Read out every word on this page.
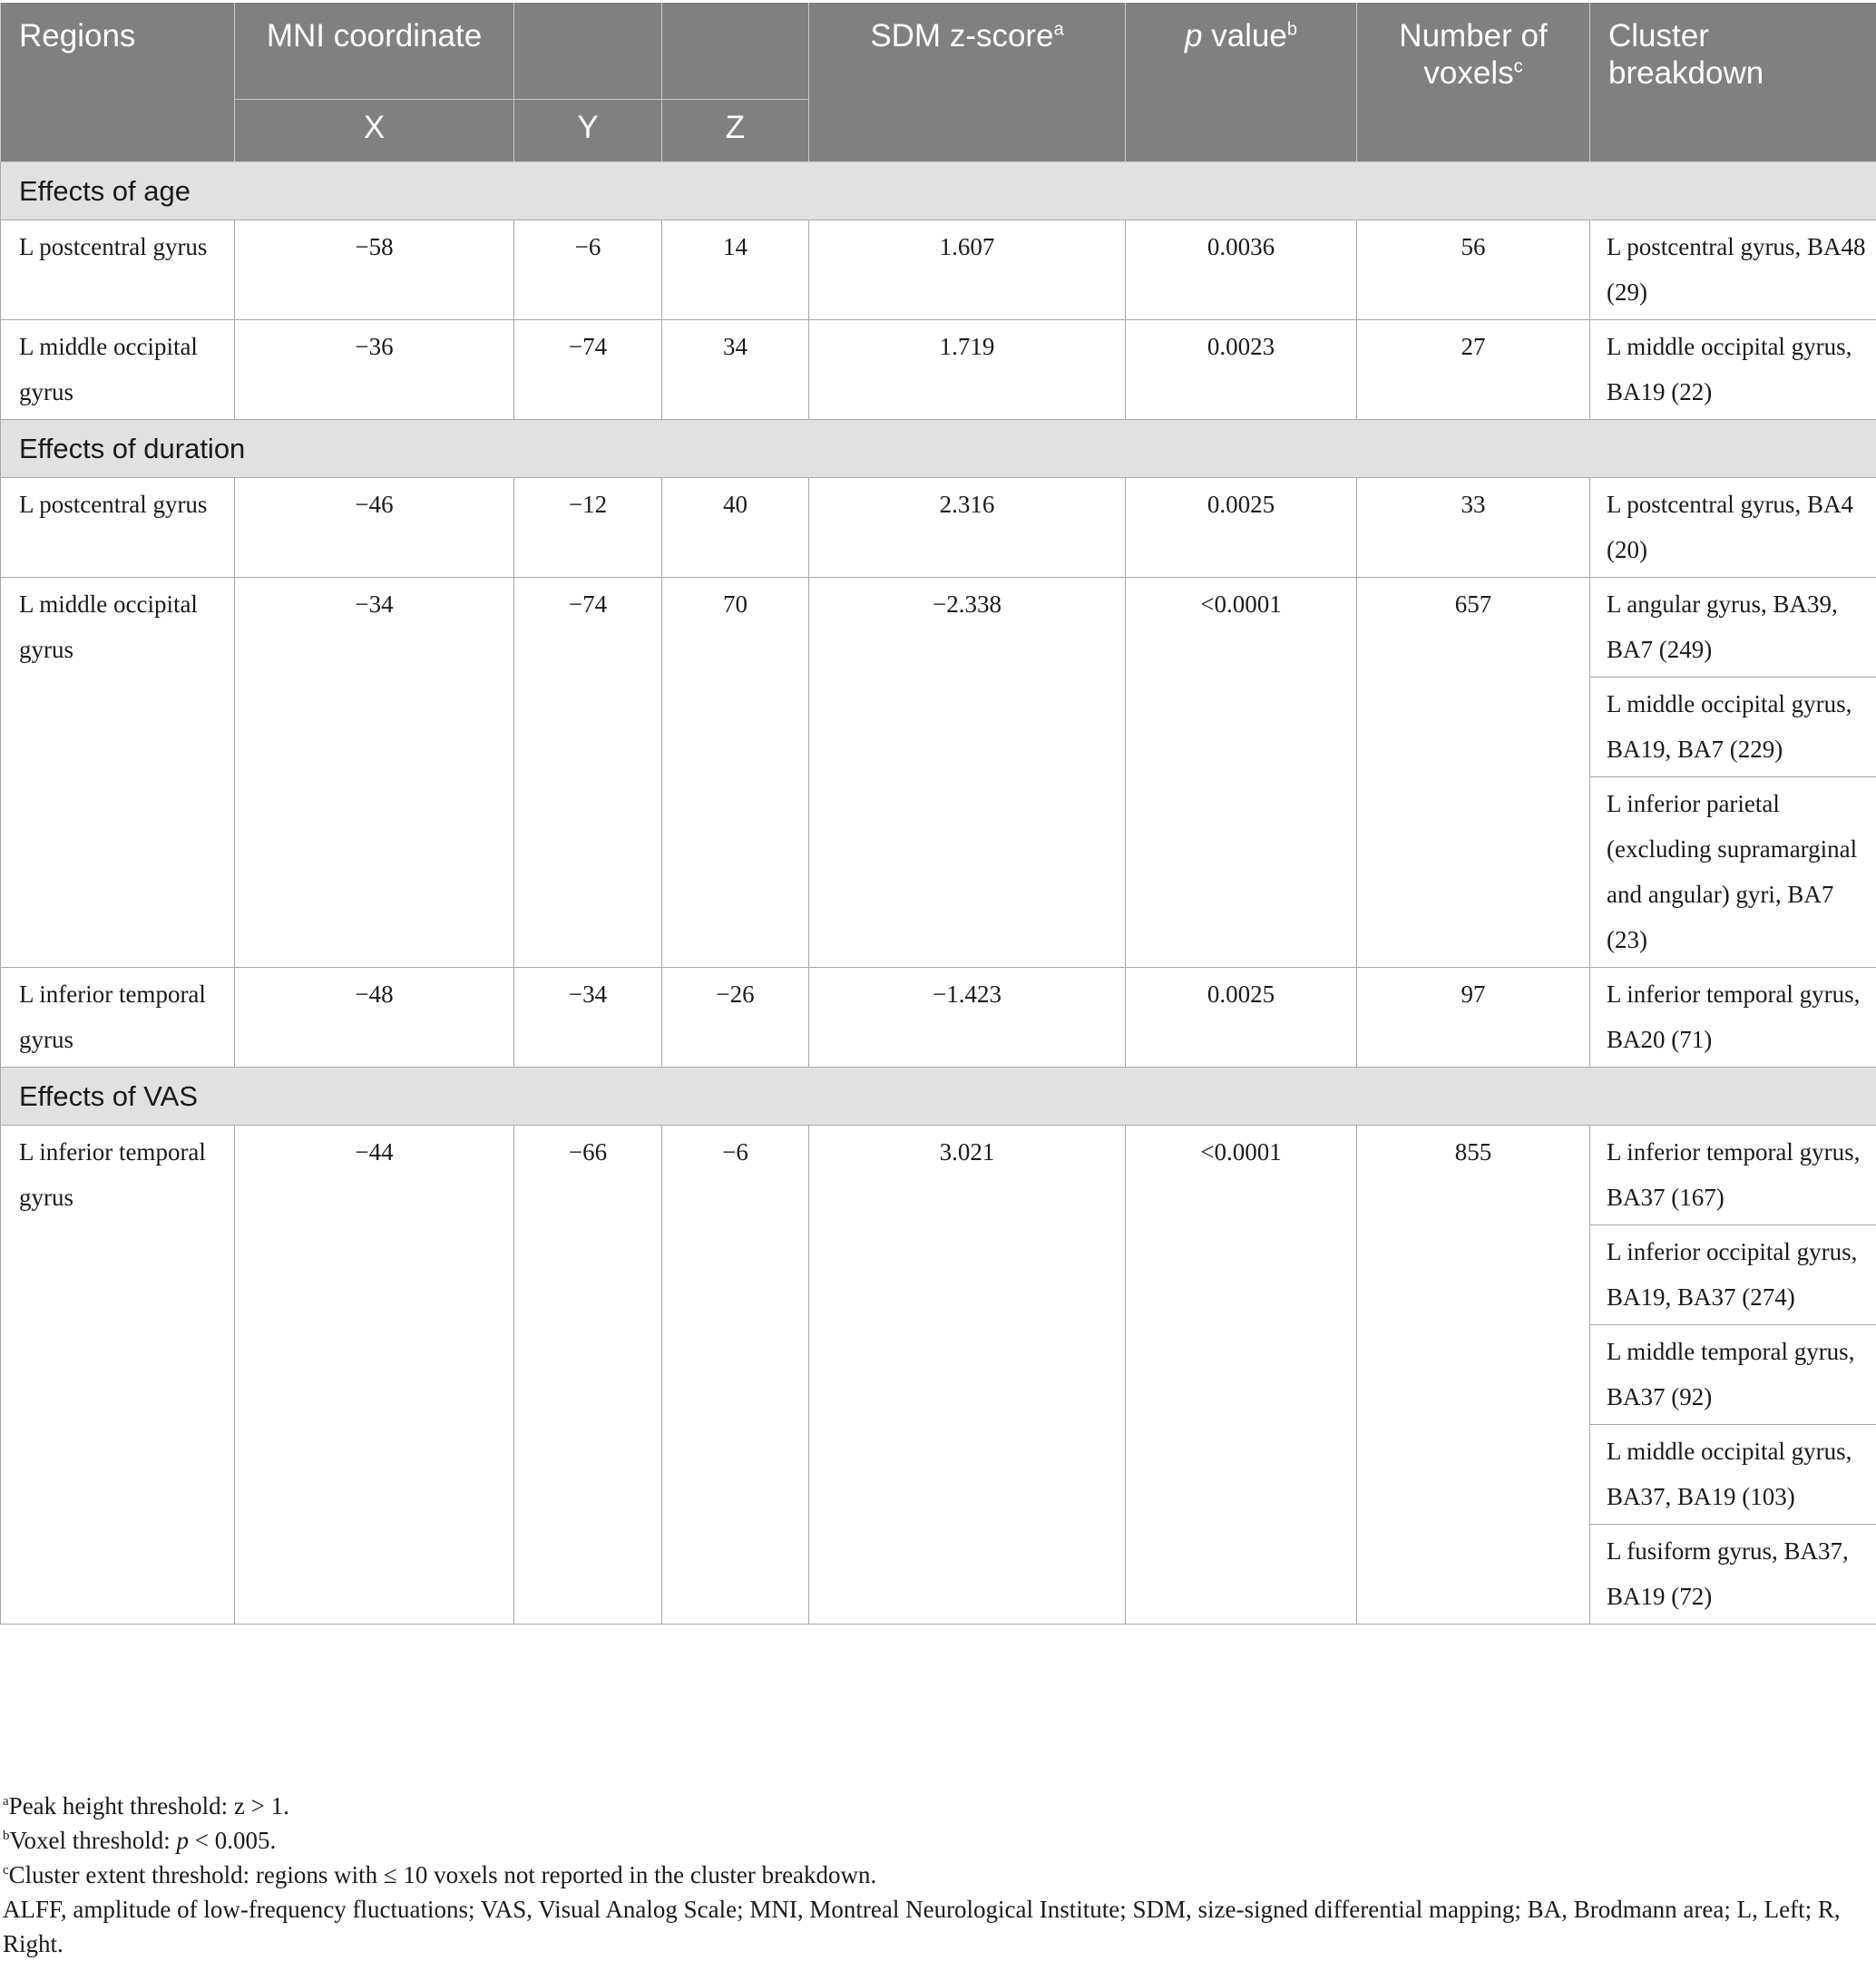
Regions	MNI coordinate			SDM z-score$^a$	p value$^b$	Number of voxels$^c$	Cluster breakdown
	X	Y	Z				
Effects of age							
L postcentral gyrus	−58	−6	14	1.607	0.0036	56	L postcentral gyrus, BA48 (29)
L middle occipital gyrus	−36	−74	34	1.719	0.0023	27	L middle occipital gyrus, BA19 (22)
Effects of duration							
L postcentral gyrus	−46	−12	40	2.316	0.0025	33	L postcentral gyrus, BA4 (20)
L middle occipital gyrus	−34	−74	70	−2.338	<0.0001	657	L angular gyrus, BA39, BA7 (249)
							L middle occipital gyrus, BA19, BA7 (229)
							L inferior parietal (excluding supramarginal and angular) gyri, BA7 (23)
L inferior temporal gyrus	−48	−34	−26	−1.423	0.0025	97	L inferior temporal gyrus, BA20 (71)
Effects of VAS							
L inferior temporal gyrus	−44	−66	−6	3.021	<0.0001	855	L inferior temporal gyrus, BA37 (167)
							L inferior occipital gyrus, BA19, BA37 (274)
							L middle temporal gyrus, BA37 (92)
							L middle occipital gyrus, BA37, BA19 (103)
							L fusiform gyrus, BA37, BA19 (72)
$^a$Peak height threshold: z > 1.
$^b$Voxel threshold: p < 0.005.
$^c$Cluster extent threshold: regions with ≤ 10 voxels not reported in the cluster breakdown.
ALFF, amplitude of low-frequency fluctuations; VAS, Visual Analog Scale; MNI, Montreal Neurological Institute; SDM, size-signed differential mapping; BA, Brodmann area; L, Left; R, Right.
